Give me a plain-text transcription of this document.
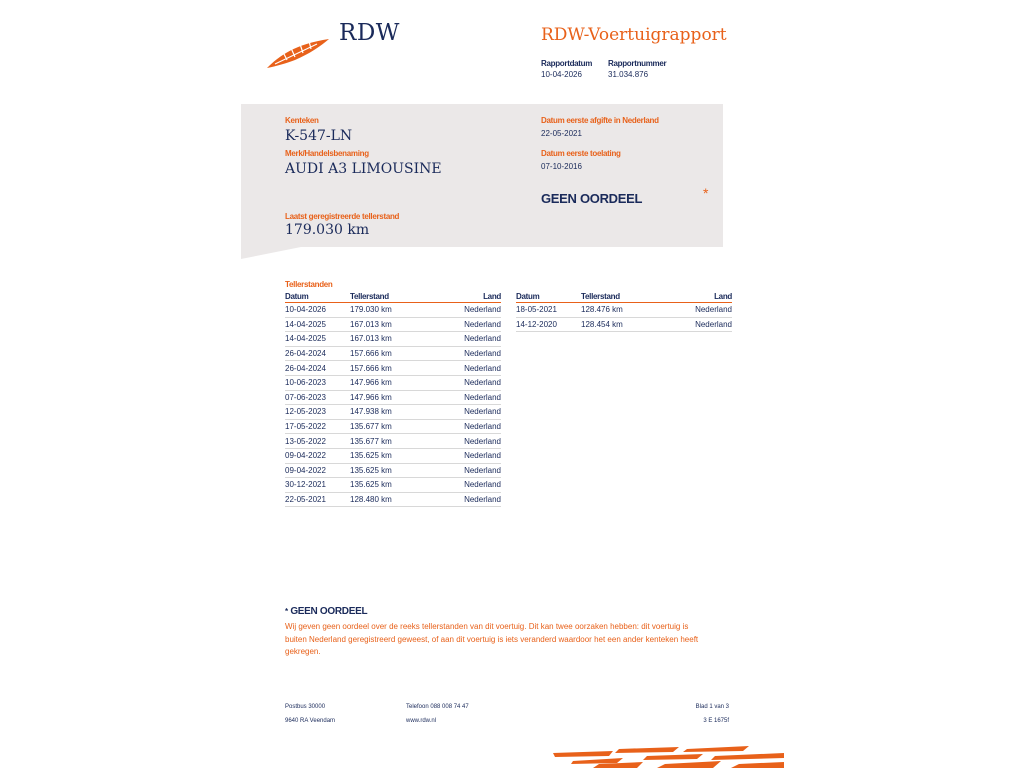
RDW	RDW-Voertuigrapport
Rapportdatum
10-04-2026
Rapportnummer
31.034.876
Kenteken
K-547-LN
Merk/Handelsbenaming
AUDI A3 LIMOUSINE
Laatst geregistreerde tellerstand
179.030 km
Datum eerste afgifte in Nederland
22-05-2021
Datum eerste toelating
07-10-2016
GEEN OORDEEL	*
Tellerstanden
Datum	Tellerstand	Land
10-04-2026	179.030 km	Nederland
14-04-2025	167.013 km	Nederland
14-04-2025	167.013 km	Nederland
26-04-2024	157.666 km	Nederland
26-04-2024	157.666 km	Nederland
10-06-2023	147.966 km	Nederland
07-06-2023	147.966 km	Nederland
12-05-2023	147.938 km	Nederland
17-05-2022	135.677 km	Nederland
13-05-2022	135.677 km	Nederland
09-04-2022	135.625 km	Nederland
09-04-2022	135.625 km	Nederland
30-12-2021	135.625 km	Nederland
22-05-2021	128.480 km	Nederland
Datum	Tellerstand	Land
18-05-2021	128.476 km	Nederland
14-12-2020	128.454 km	Nederland
* GEEN OORDEEL
Wij geven geen oordeel over de reeks tellerstanden van dit voertuig. Dit kan twee oorzaken hebben: dit voertuig is buiten Nederland geregistreerd geweest, of aan dit voertuig is iets veranderd waardoor het een ander kenteken heeft gekregen.
Postbus 30000
9640 RA Veendam
Telefoon 088 008 74 47
www.rdw.nl
Blad 1 van 3
3 E 1675f
